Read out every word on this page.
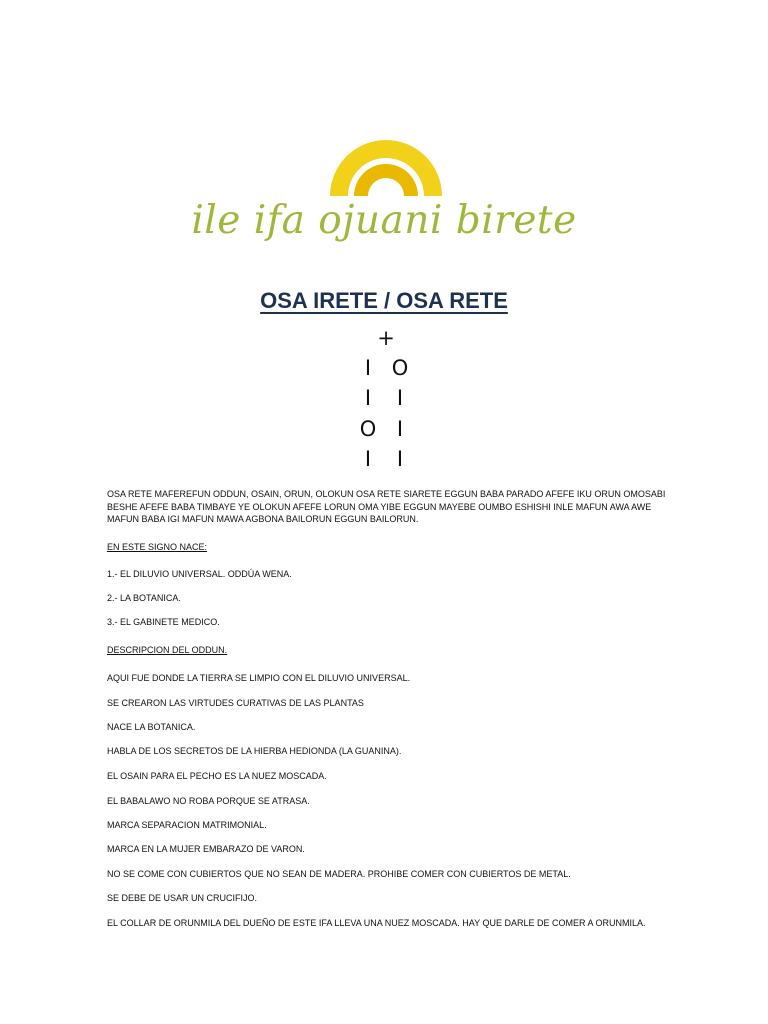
ile ifa ojuani birete
OSA IRETE / OSA RETE
+
I O
I	I
O I
I	I
OSA RETE MAFEREFUN ODDUN, OSAIN, ORUN, OLOKUN OSA RETE SIARETE EGGUN BABA PARADO AFEFE IKU ORUN OMOSABI BESHE AFEFE BABA TIMBAYE YE OLOKUN AFEFE LORUN OMA YIBE EGGUN MAYEBE OUMBO ESHISHI INLE MAFUN AWA AWE MAFUN BABA IGI MAFUN MAWA AGBONA BAILORUN EGGUN BAILORUN.
EN ESTE SIGNO NACE:
1.- EL DILUVIO UNIVERSAL. ODDÚA WENA.
2.- LA BOTANICA.
3.- EL GABINETE MEDICO.
DESCRIPCION DEL ODDUN.
AQUI FUE DONDE LA TIERRA SE LIMPIO CON EL DILUVIO UNIVERSAL.
SE CREARON LAS VIRTUDES CURATIVAS DE LAS PLANTAS
NACE LA BOTANICA.
HABLA DE LOS SECRETOS DE LA HIERBA HEDIONDA (LA GUANINA).
EL OSAIN PARA EL PECHO ES LA NUEZ MOSCADA.
EL BABALAWO NO ROBA PORQUE SE ATRASA.
MARCA SEPARACION MATRIMONIAL.
MARCA EN LA MUJER EMBARAZO DE VARON.
NO SE COME CON CUBIERTOS QUE NO SEAN DE MADERA. PROHIBE COMER CON CUBIERTOS DE METAL.
SE DEBE DE USAR UN CRUCIFIJO.
EL COLLAR DE ORUNMILA DEL DUEÑO DE ESTE IFA LLEVA UNA NUEZ MOSCADA. HAY QUE DARLE DE COMER A ORUNMILA.
